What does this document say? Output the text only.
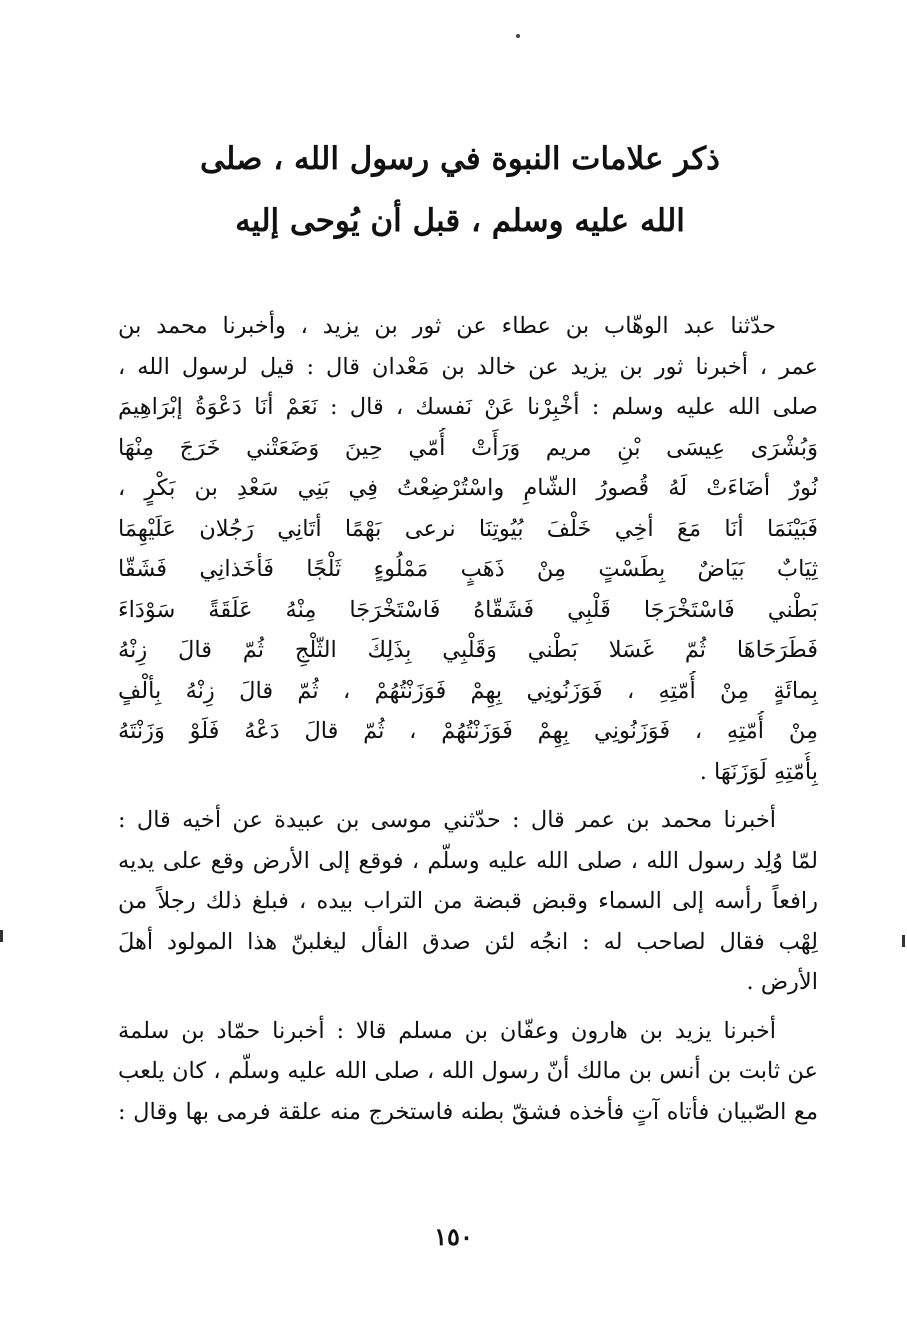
ذكر علامات النبوة في رسول الله ، صلى
الله عليه وسلم ، قبل أن يُوحى إليه
حدّثنا عبد الوهّاب بن عطاء عن ثور بن يزيد ، وأخبرنا محمد بن
عمر ، أخبرنا ثور بن يزيد عن خالد بن مَعْدان قال : قيل لرسول الله ،
صلى الله عليه وسلم : أخْبِرْنا عَنْ نَفسك ، قال : نَعَمْ أنَا دَعْوَةُ إبْرَاهِيمَ
وَبُشْرَى عِيسَى بْنِ مريم وَرَأَتْ أُمّي حِينَ وَضَعَتْني خَرَجَ مِنْهَا
نُورٌ أضَاءَتْ لَهُ قُصورُ الشّامِ واسْتُرْضِعْتُ فِي بَنِي سَعْدِ بن بَكْرٍ ،
فَبَيْنَمَا أنَا مَعَ أخِي خَلْفَ بُيُوتِنَا نرعى بَهْمًا أتَانِي رَجُلان عَلَيْهِمَا
ثِيَابٌ بَيَاضٌ بِطَسْتٍ مِنْ ذَهَبٍ مَمْلُوءٍ ثَلْجًا فَأخَذانِي فَشَقّا
بَطْني فَاسْتَخْرَجَا قَلْبِي فَشَقّاهُ فَاسْتَخْرَجَا مِنْهُ عَلَقَةً سَوْدَاءَ
فَطَرَحَاهَا ثُمّ غَسَلا بَطْني وَقَلْبِي بِذَلِكَ الثّلْجِ ثُمّ قالَ زِنْهُ
بِمائَةٍ مِنْ أُمّتِهِ ، فَوَزَنُونِي بِهِمْ فَوَزَنْتُهُمْ ، ثُمّ قالَ زِنْهُ بِألْفٍ
مِنْ أُمّتِهِ ، فَوَزَنُونِي بِهِمْ فَوَزَنْتُهُمْ ، ثُمّ قالَ دَعْهُ فَلَوْ وَزَنْتَهُ
بِأُمّتِهِ لَوَزَنَهَا .
أخبرنا محمد بن عمر قال : حدّثني موسى بن عبيدة عن أخيه قال :
لمّا وُلِد رسول الله ، صلى الله عليه وسلّم ، فوقع إلى الأرض وقع على يديه
رافعاً رأسه إلى السماء وقبض قبضة من التراب بيده ، فبلغ ذلك رجلاً من
لِهْب فقال لصاحب له : انجُه لئن صدق الفأل ليغلبنّ هذا المولود أهلَ
الأرض .
أخبرنا يزيد بن هارون وعفّان بن مسلم قالا : أخبرنا حمّاد بن سلمة
عن ثابت بن أنس بن مالك أنّ رسول الله ، صلى الله عليه وسلّم ، كان يلعب
مع الصّبيان فأتاه آتٍ فأخذه فشقّ بطنه فاستخرج منه علقة فرمى بها وقال :
١٥٠
